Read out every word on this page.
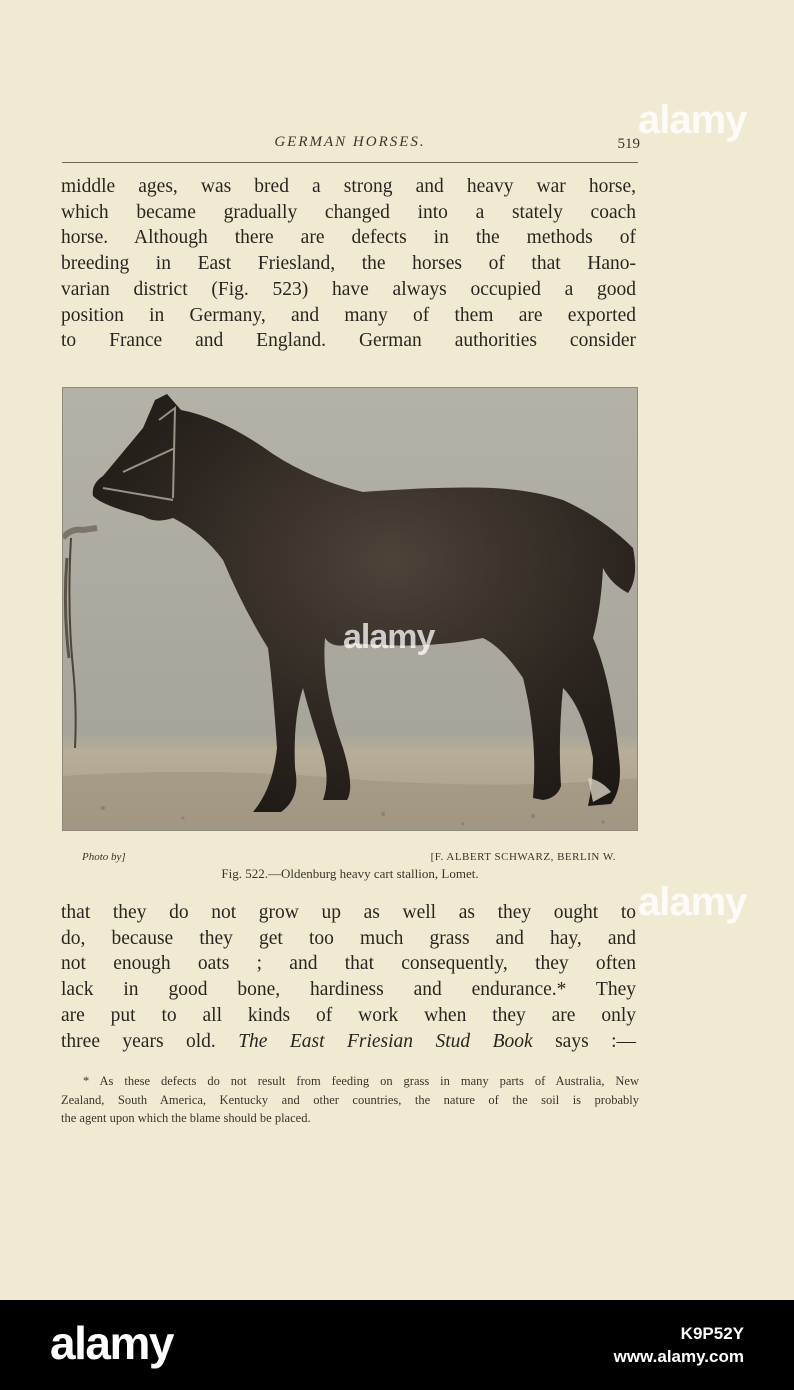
GERMAN HORSES.	519

middle ages, was bred a strong and heavy war horse,
which became gradually changed into a stately coach
horse. Although there are defects in the methods of
breeding in East Friesland, the horses of that Hano-
varian district (Fig. 523) have always occupied a good
position in Germany, and many of them are exported
to France and England. German authorities consider

alamy
Photo by]	[F. ALBERT SCHWARZ, BERLIN W.
Fig. 522.—Oldenburg heavy cart stallion, Lomet.

that they do not grow up as well as they ought to
do, because they get too much grass and hay, and
not enough oats ; and that consequently, they often
lack in good bone, hardiness and endurance.* They
are put to all kinds of work when they are only
three years old. The East Friesian Stud Book says :—

* As these defects do not result from feeding on grass in many parts of Australia, New
Zealand, South America, Kentucky and other countries, the nature of the soil is probably
the agent upon which the blame should be placed.

alamy
alamy
alamy	K9P52Y
www.alamy.com
